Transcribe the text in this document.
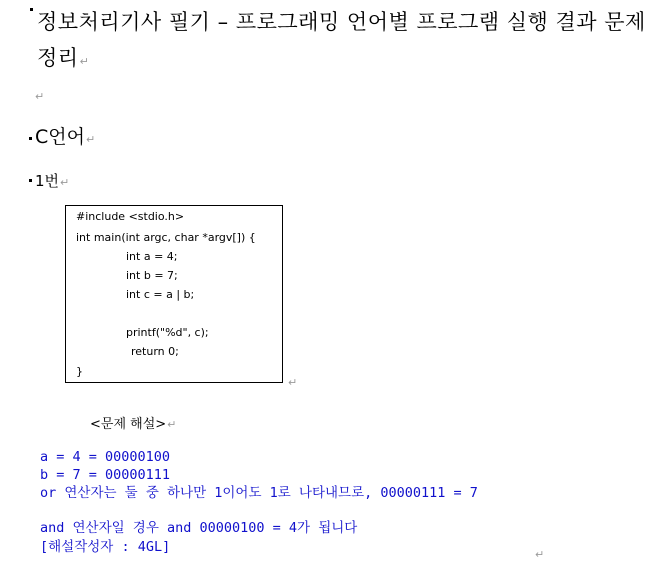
정보처리기사 필기 – 프로그래밍 언어별 프로그램 실행 결과 문제 정리↵
↵
C언어↵
1번↵
#include <stdio.h>
int main(int argc, char *argv[]) {
int a = 4;
int b = 7;
int c = a | b;
printf("%d", c);
return 0;
}
↵
<문제 해설>↵
a = 4 = 00000100
b = 7 = 00000111
or 연산자는 둘 중 하나만 1이어도 1로 나타내므로, 00000111 = 7
and 연산자일 경우 and 00000100 = 4가 됩니다
[해설작성자 : 4GL]	↵
